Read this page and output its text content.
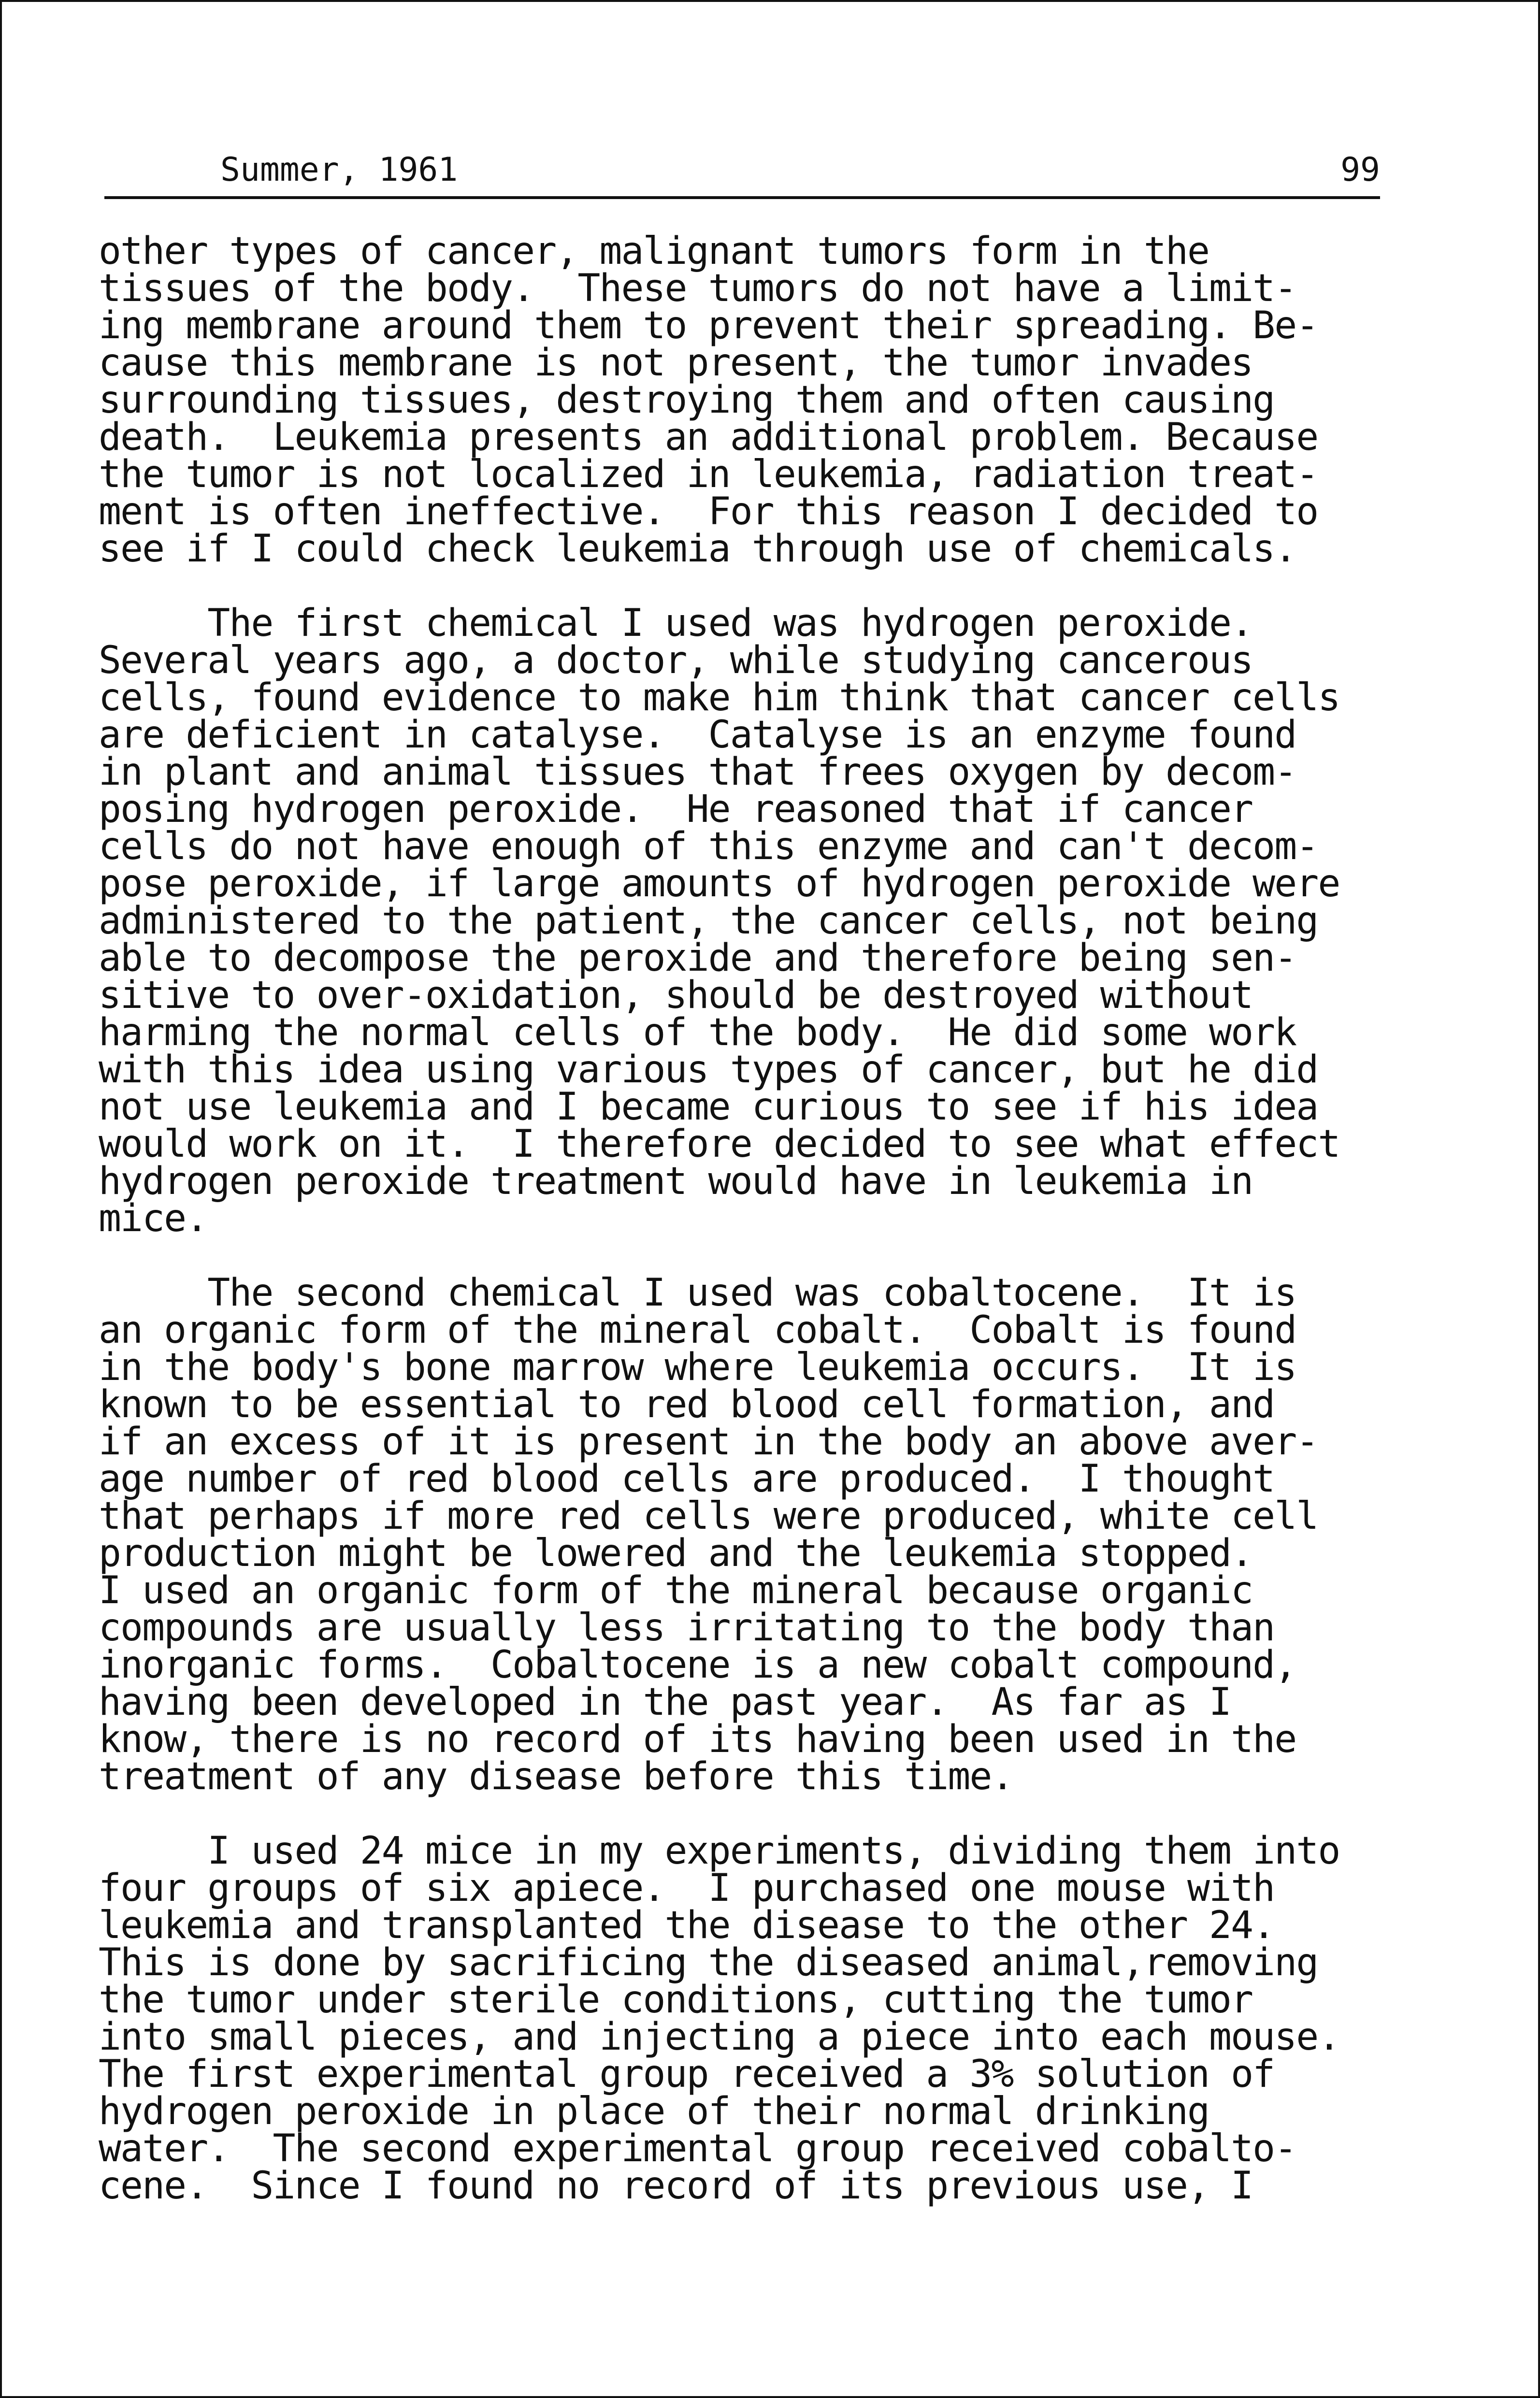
Summer, 1961	99
other types of cancer, malignant tumors form in the
tissues of the body.  These tumors do not have a limit-
ing membrane around them to prevent their spreading. Be-
cause this membrane is not present, the tumor invades
surrounding tissues, destroying them and often causing
death.  Leukemia presents an additional problem. Because
the tumor is not localized in leukemia, radiation treat-
ment is often ineffective.  For this reason I decided to
see if I could check leukemia through use of chemicals.
The first chemical I used was hydrogen peroxide.
Several years ago, a doctor, while studying cancerous
cells, found evidence to make him think that cancer cells
are deficient in catalyse.  Catalyse is an enzyme found
in plant and animal tissues that frees oxygen by decom-
posing hydrogen peroxide.  He reasoned that if cancer
cells do not have enough of this enzyme and can't decom-
pose peroxide, if large amounts of hydrogen peroxide were
administered to the patient, the cancer cells, not being
able to decompose the peroxide and therefore being sen-
sitive to over-oxidation, should be destroyed without
harming the normal cells of the body.  He did some work
with this idea using various types of cancer, but he did
not use leukemia and I became curious to see if his idea
would work on it.  I therefore decided to see what effect
hydrogen peroxide treatment would have in leukemia in
mice.
The second chemical I used was cobaltocene.  It is
an organic form of the mineral cobalt.  Cobalt is found
in the body's bone marrow where leukemia occurs.  It is
known to be essential to red blood cell formation, and
if an excess of it is present in the body an above aver-
age number of red blood cells are produced.  I thought
that perhaps if more red cells were produced, white cell
production might be lowered and the leukemia stopped.
I used an organic form of the mineral because organic
compounds are usually less irritating to the body than
inorganic forms.  Cobaltocene is a new cobalt compound,
having been developed in the past year.  As far as I
know, there is no record of its having been used in the
treatment of any disease before this time.
I used 24 mice in my experiments, dividing them into
four groups of six apiece.  I purchased one mouse with
leukemia and transplanted the disease to the other 24.
This is done by sacrificing the diseased animal,removing
the tumor under sterile conditions, cutting the tumor
into small pieces, and injecting a piece into each mouse.
The first experimental group received a 3% solution of
hydrogen peroxide in place of their normal drinking
water.  The second experimental group received cobalto-
cene.  Since I found no record of its previous use, I
